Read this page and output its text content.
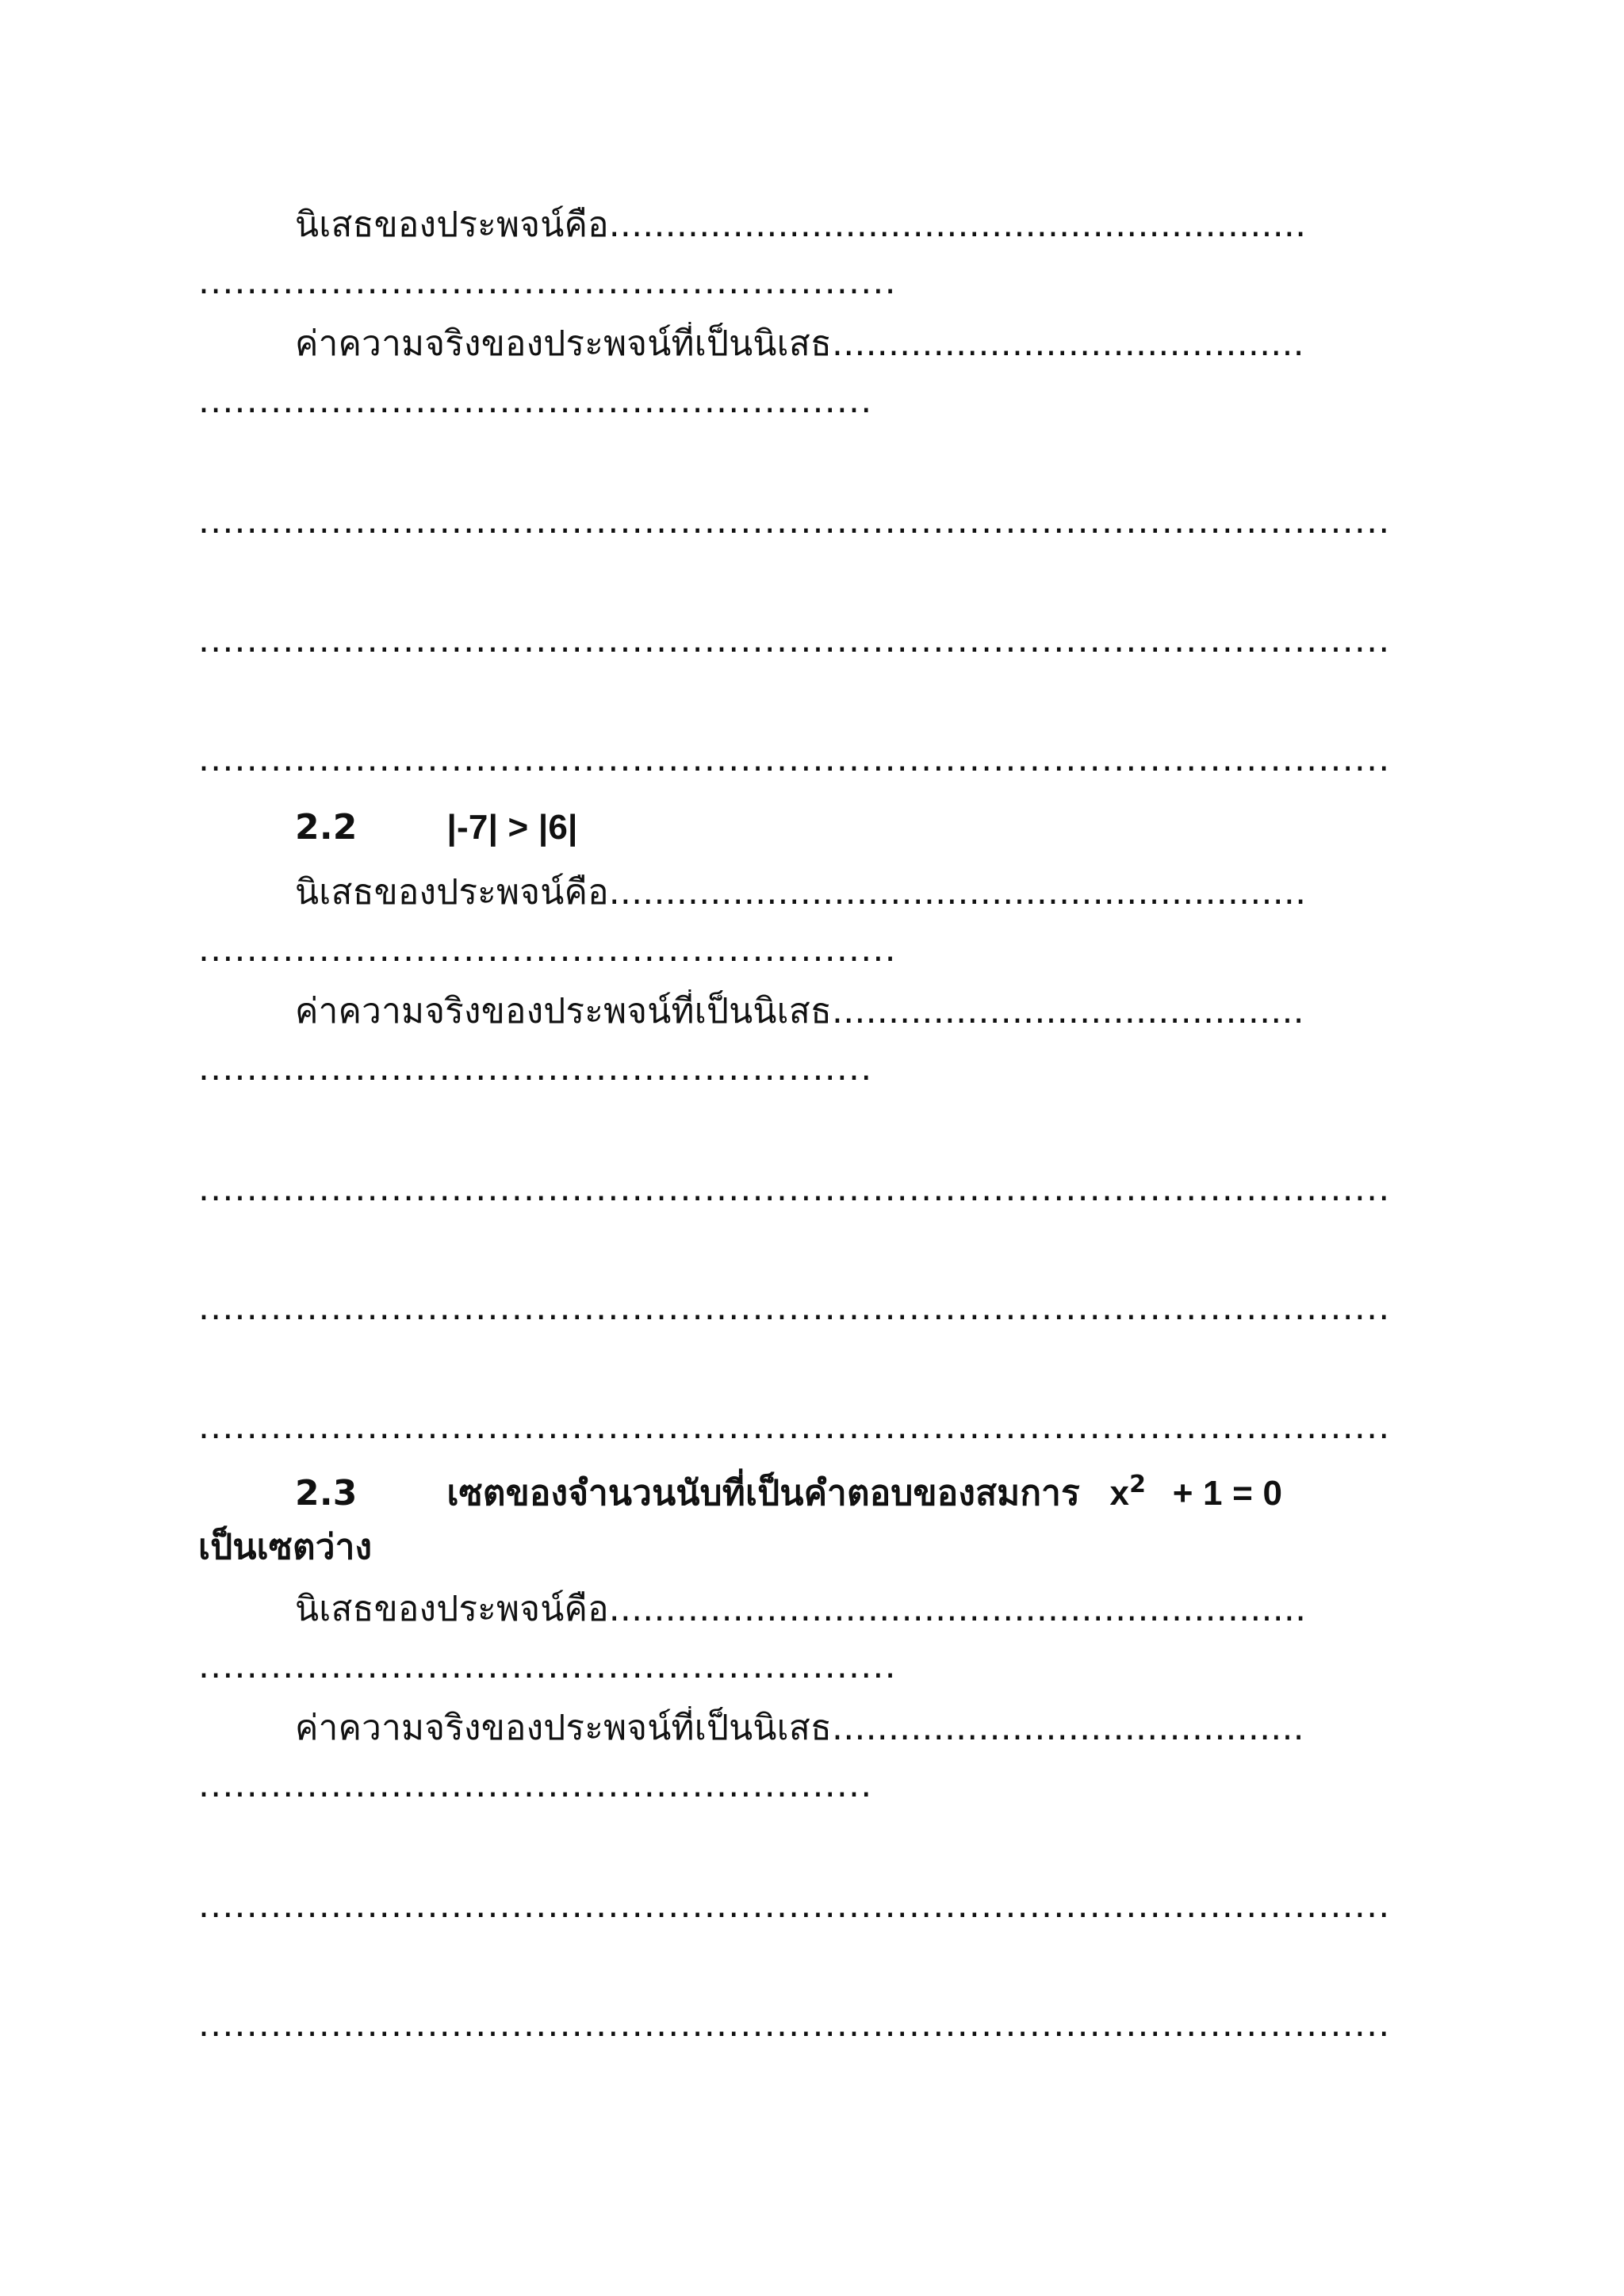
นิเสธของประพจน์คือ..............................................................
..........................................................
ค่าความจริงของประพจน์ที่เป็นนิเสธ..........................................
........................................................
...................................................................................................
...................................................................................................
...................................................................................................
2.2	|-7| > |6|
นิเสธของประพจน์คือ..............................................................
..........................................................
ค่าความจริงของประพจน์ที่เป็นนิเสธ..........................................
........................................................
...................................................................................................
...................................................................................................
...................................................................................................
2.3	เซตของจำนวนนับที่เป็นคำตอบของสมการ $x^2 + 1 = 0$
เป็นเซตว่าง
นิเสธของประพจน์คือ..............................................................
..........................................................
ค่าความจริงของประพจน์ที่เป็นนิเสธ..........................................
........................................................
...................................................................................................
...................................................................................................
